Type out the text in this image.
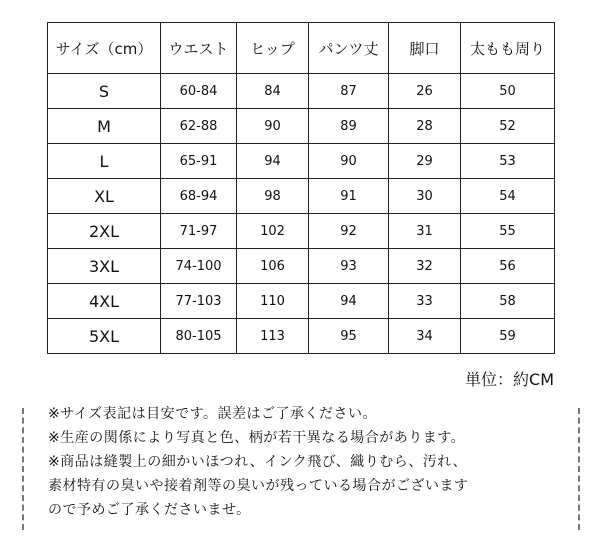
サイズ（cm）	ウエスト	ヒップ	パンツ丈	脚口	太もも周り
S	60-84	84	87	26	50
M	62-88	90	89	28	52
L	65-91	94	90	29	53
XL	68-94	98	91	30	54
2XL	71-97	102	92	31	55
3XL	74-100	106	93	32	56
4XL	77-103	110	94	33	58
5XL	80-105	113	95	34	59
単位：約CM
※サイズ表記は目安です。誤差はご了承ください。
※生産の関係により写真と色、柄が若干異なる場合があります。
※商品は縫製上の細かいほつれ、インク飛び、織りむら、汚れ、
素材特有の臭いや接着剤等の臭いが残っている場合がございます
ので予めご了承くださいませ。
